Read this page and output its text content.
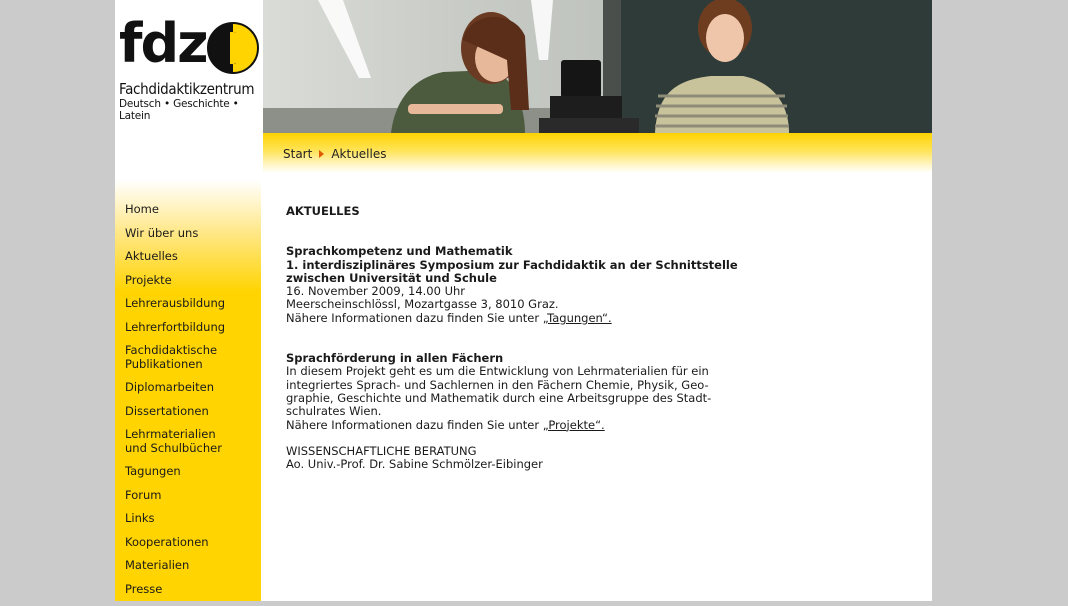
fdz
Fachdidaktikzentrum
Deutsch • Geschichte • Latein
Start Aktuelles
Home
Wir über uns
Aktuelles
Projekte
Lehrerausbildung
Lehrerfortbildung
Fachdidaktische Publikationen
Diplomarbeiten
Dissertationen
Lehrmaterialien und Schulbücher
Tagungen
Forum
Links
Kooperationen
Materialien
Presse
AKTUELLES

Sprachkompetenz und Mathematik

1. interdisziplinäres Symposium zur Fachdidaktik an der Schnittstelle zwischen Universität und Schule

16. November 2009, 14.00 Uhr

Meerscheinschlössl, Mozartgasse 3, 8010 Graz.

Nähere Informationen dazu finden Sie unter „Tagungen“.

Sprachförderung in allen Fächern

In diesem Projekt geht es um die Entwicklung von Lehrmaterialien für ein integriertes Sprach- und Sachlernen in den Fächern Chemie, Physik, Geo-graphie, Geschichte und Mathematik durch eine Arbeitsgruppe des Stadt-schulrates Wien.

Nähere Informationen dazu finden Sie unter „Projekte“.

WISSENSCHAFTLICHE BERATUNG

Ao. Univ.-Prof. Dr. Sabine Schmölzer-Eibinger
